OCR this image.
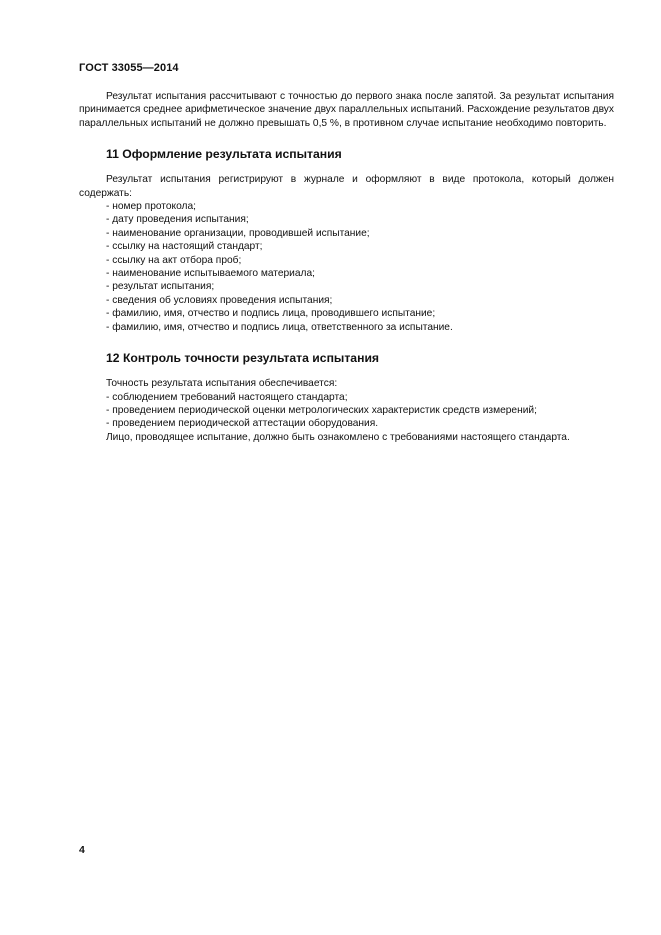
ГОСТ 33055—2014

Результат испытания рассчитывают с точностью до первого знака после запятой. За результат испытания принимается среднее арифметическое значение двух параллельных испытаний. Расхождение результатов двух параллельных испытаний не должно превышать 0,5 %, в противном случае испытание необходимо повторить.

11 Оформление результата испытания

Результат испытания регистрируют в журнале и оформляют в виде протокола, который должен содержать:

- номер протокола;
- дату проведения испытания;
- наименование организации, проводившей испытание;
- ссылку на настоящий стандарт;
- ссылку на акт отбора проб;
- наименование испытываемого материала;
- результат испытания;
- сведения об условиях проведения испытания;
- фамилию, имя, отчество и подпись лица, проводившего испытание;
- фамилию, имя, отчество и подпись лица, ответственного за испытание.
12 Контроль точности результата испытания

Точность результата испытания обеспечивается:

- соблюдением требований настоящего стандарта;
- проведением периодической оценки метрологических характеристик средств измерений;
- проведением периодической аттестации оборудования.

Лицо, проводящее испытание, должно быть ознакомлено с требованиями настоящего стандарта.

4
